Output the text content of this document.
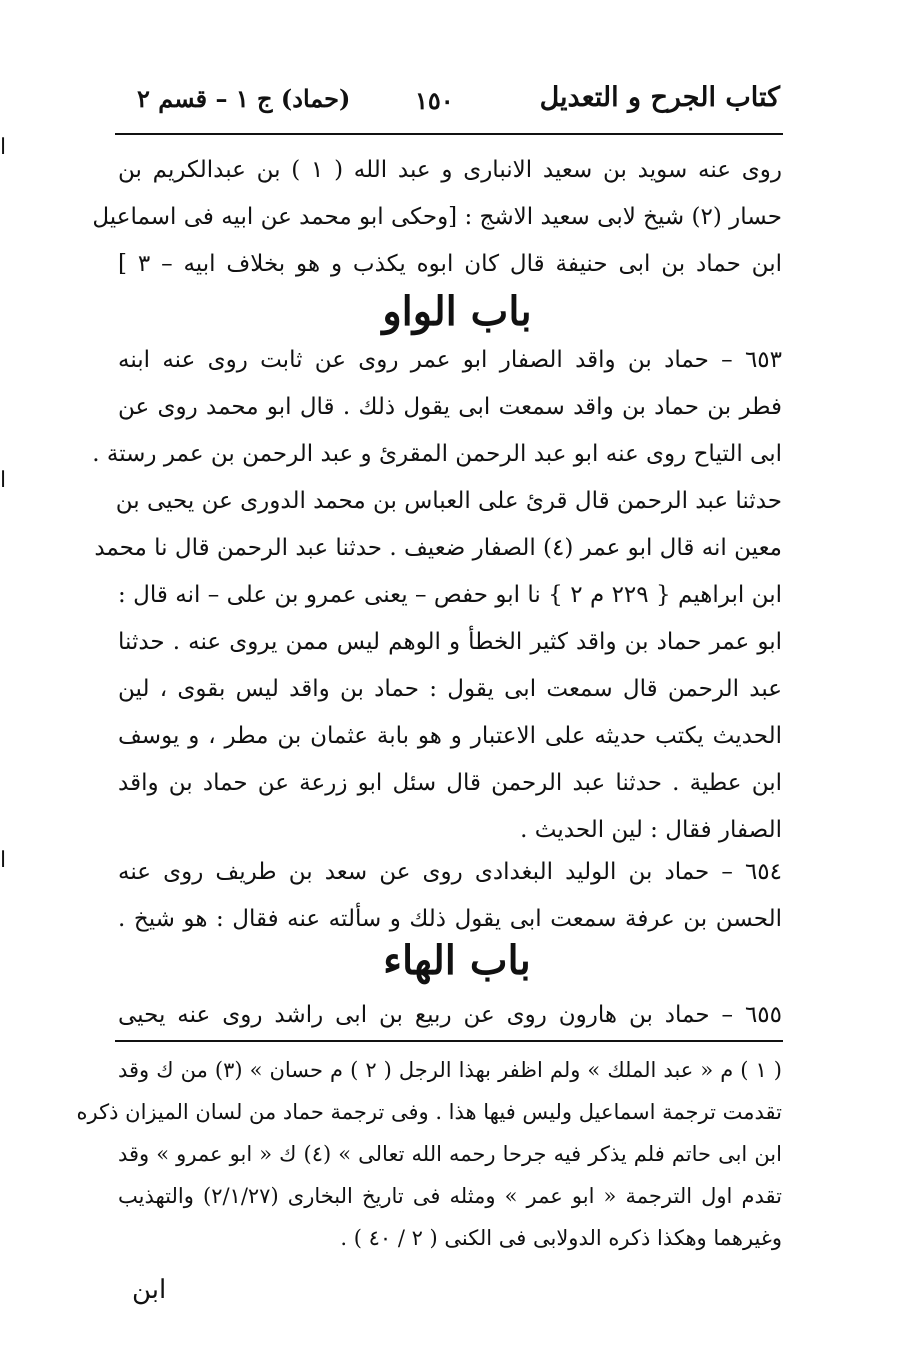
كتاب الجرح و التعديل
١٥٠
(حماد) ج ١ – قسم ٢
روى عنه سويد بن سعيد الانبارى و عبد الله ( ١ ) بن عبدالكريم بن
حسار (٢) شيخ لابى سعيد الاشج : [وحكى ابو محمد عن ابيه فى اسماعيل
ابن حماد بن ابى حنيفة قال كان ابوه يكذب و هو بخلاف ابيه – ٣ ]
باب الواو
٦٥٣ – حماد بن واقد الصفار ابو عمر روى عن ثابت روى عنه ابنه
فطر بن حماد بن واقد سمعت ابى يقول ذلك . قال ابو محمد روى عن
ابى التياح روى عنه ابو عبد الرحمن المقرئ و عبد الرحمن بن عمر رستة .
حدثنا عبد الرحمن قال قرئ على العباس بن محمد الدورى عن يحيى بن
معين انه قال ابو عمر (٤) الصفار ضعيف . حدثنا عبد الرحمن قال نا محمد
ابن ابراهيم { ٢٢٩ م ٢ } نا ابو حفص – يعنى عمرو بن على – انه قال :
ابو عمر حماد بن واقد كثير الخطأ و الوهم ليس ممن يروى عنه . حدثنا
عبد الرحمن قال سمعت ابى يقول : حماد بن واقد ليس بقوى ، لين
الحديث يكتب حديثه على الاعتبار و هو بابة عثمان بن مطر ، و يوسف
ابن عطية . حدثنا عبد الرحمن قال سئل ابو زرعة عن حماد بن واقد
الصفار فقال : لين الحديث .
٦٥٤ – حماد بن الوليد البغدادى روى عن سعد بن طريف روى عنه
الحسن بن عرفة سمعت ابى يقول ذلك و سألته عنه فقال : هو شيخ .
باب الهاء
٦٥٥ – حماد بن هارون روى عن ربيع بن ابى راشد روى عنه يحيى
( ١ ) م « عبد الملك » ولم اظفر بهذا الرجل ( ٢ ) م حسان » (٣) من ك وقد
تقدمت ترجمة اسماعيل وليس فيها هذا . وفى ترجمة حماد من لسان الميزان ذكره
ابن ابى حاتم فلم يذكر فيه جرحا رحمه الله تعالى » (٤) ك « ابو عمرو » وقد
تقدم اول الترجمة « ابو عمر » ومثله فى تاريخ البخارى (٢/١/٢٧) والتهذيب
وغيرهما وهكذا ذكره الدولابى فى الكنى ( ٢ / ٤٠ ) .
ابن
ا
ا
ا
